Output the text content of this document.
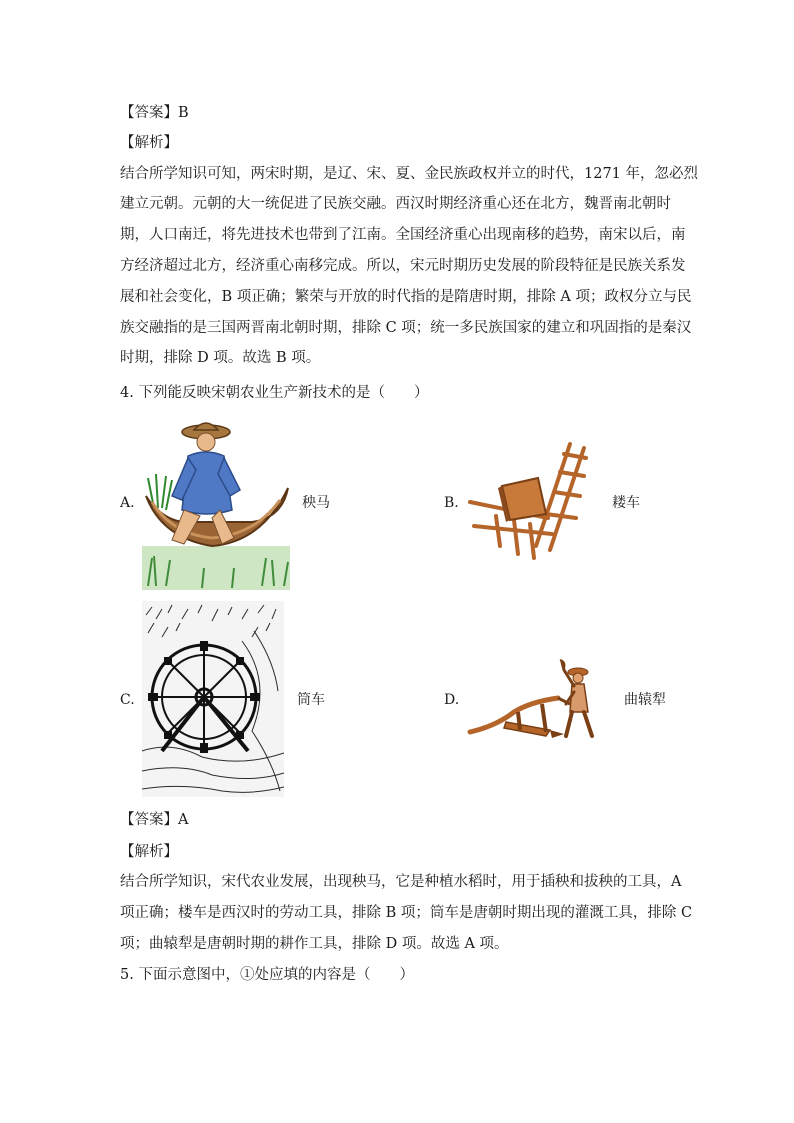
【答案】B
【解析】
结合所学知识可知，两宋时期，是辽、宋、夏、金民族政权并立的时代，1271 年，忽必烈
建立元朝。元朝的大一统促进了民族交融。西汉时期经济重心还在北方，魏晋南北朝时
期，人口南迁，将先进技术也带到了江南。全国经济重心出现南移的趋势，南宋以后，南
方经济超过北方，经济重心南移完成。所以，宋元时期历史发展的阶段特征是民族关系发
展和社会变化，B 项正确；繁荣与开放的时代指的是隋唐时期，排除 A 项；政权分立与民
族交融指的是三国两晋南北朝时期，排除 C 项；统一多民族国家的建立和巩固指的是秦汉
时期，排除 D 项。故选 B 项。
4. 下列能反映宋朝农业生产新技术的是（　　）
A.	秧马	B.	耧车
C.	筒车	D.	曲辕犁
【答案】A
【解析】
结合所学知识，宋代农业发展，出现秧马，它是种植水稻时，用于插秧和拔秧的工具，A
项正确；楼车是西汉时的劳动工具，排除 B 项；筒车是唐朝时期出现的灌溉工具，排除 C
项；曲辕犁是唐朝时期的耕作工具，排除 D 项。故选 A 项。
5. 下面示意图中，①处应填的内容是（　　）
